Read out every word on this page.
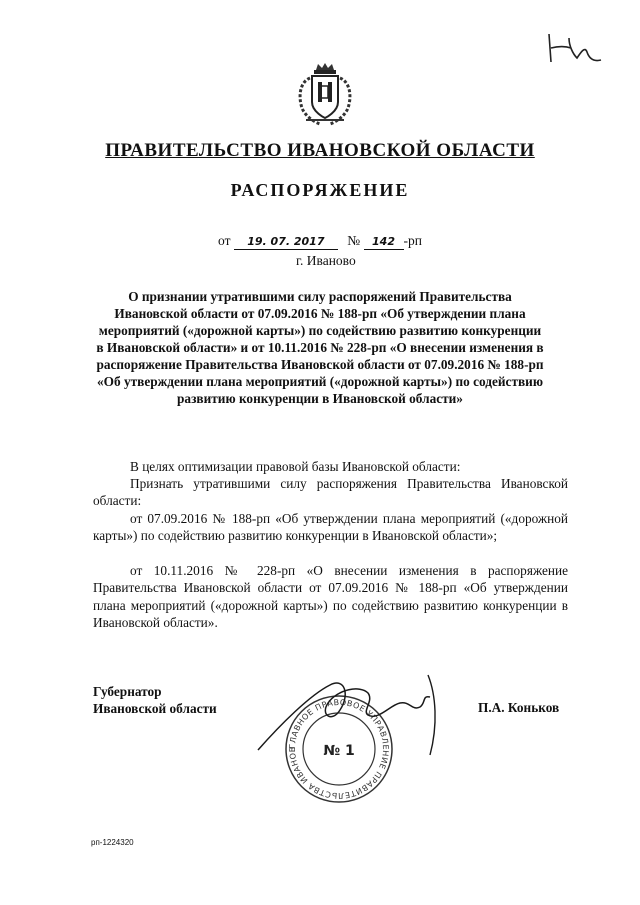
ПРАВИТЕЛЬСТВО ИВАНОВСКОЙ ОБЛАСТИ
РАСПОРЯЖЕНИЕ
от 19. 07. 2017 № 142 -рп
г. Иваново
О признании утратившими силу распоряжений Правительства Ивановской области от 07.09.2016 № 188-рп «Об утверждении плана мероприятий («дорожной карты») по содействию развитию конкуренции в Ивановской области» и от 10.11.2016 № 228-рп «О внесении изменения в распоряжение Правительства Ивановской области от 07.09.2016 № 188-рп «Об утверждении плана мероприятий («дорожной карты») по содействию развитию конкуренции в Ивановской области»
В целях оптимизации правовой базы Ивановской области:
Признать утратившими силу распоряжения Правительства Ивановской области:
от 07.09.2016 № 188-рп «Об утверждении плана мероприятий («дорожной карты») по содействию развитию конкуренции в Ивановской области»;
от 10.11.2016 № 228-рп «О внесении изменения в распоряжение Правительства Ивановской области от 07.09.2016 № 188-рп «Об утверждении плана мероприятий («дорожной карты») по содействию развитию конкуренции в Ивановской области».
ГЛАВНОЕ ПРАВОВОЕ УПРАВЛЕНИЕ ПРАВИТЕЛЬСТВА ИВАНОВСКОЙ ОБЛАСТИ
№ 1
Губернатор
Ивановской области	П.А. Коньков
рп-1224320
